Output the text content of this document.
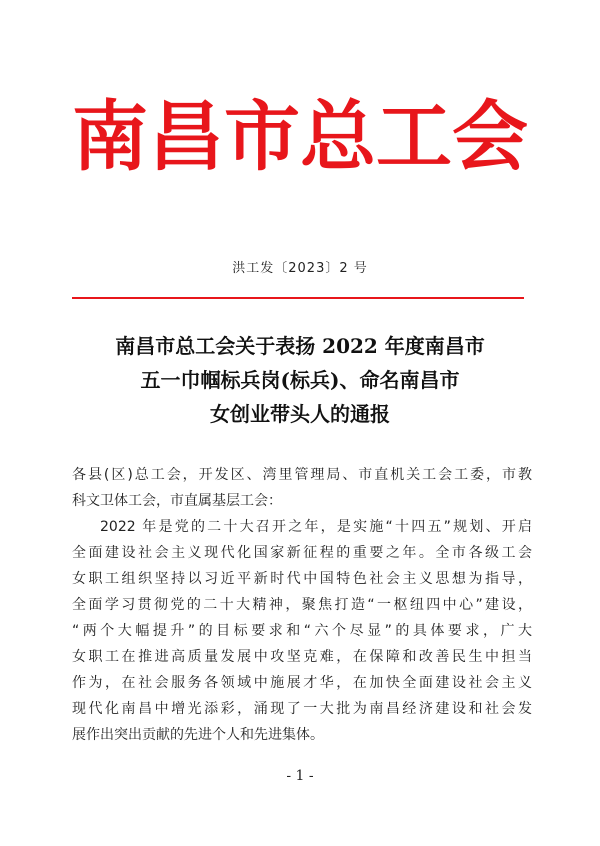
南昌市总工会
洪工发〔2023〕2 号
南昌市总工会关于表扬 2022 年度南昌市
五一巾帼标兵岗(标兵)、命名南昌市
女创业带头人的通报
各县(区)总工会，开发区、湾里管理局、市直机关工会工委，市教
科文卫体工会，市直属基层工会：
2022 年是党的二十大召开之年，是实施“十四五”规划、开启
全面建设社会主义现代化国家新征程的重要之年。全市各级工会
女职工组织坚持以习近平新时代中国特色社会主义思想为指导，
全面学习贯彻党的二十大精神，聚焦打造“一枢纽四中心”建设，
“两个大幅提升”的目标要求和“六个尽显”的具体要求，广大
女职工在推进高质量发展中攻坚克难，在保障和改善民生中担当
作为，在社会服务各领域中施展才华，在加快全面建设社会主义
现代化南昌中增光添彩，涌现了一大批为南昌经济建设和社会发
展作出突出贡献的先进个人和先进集体。
- 1 -
